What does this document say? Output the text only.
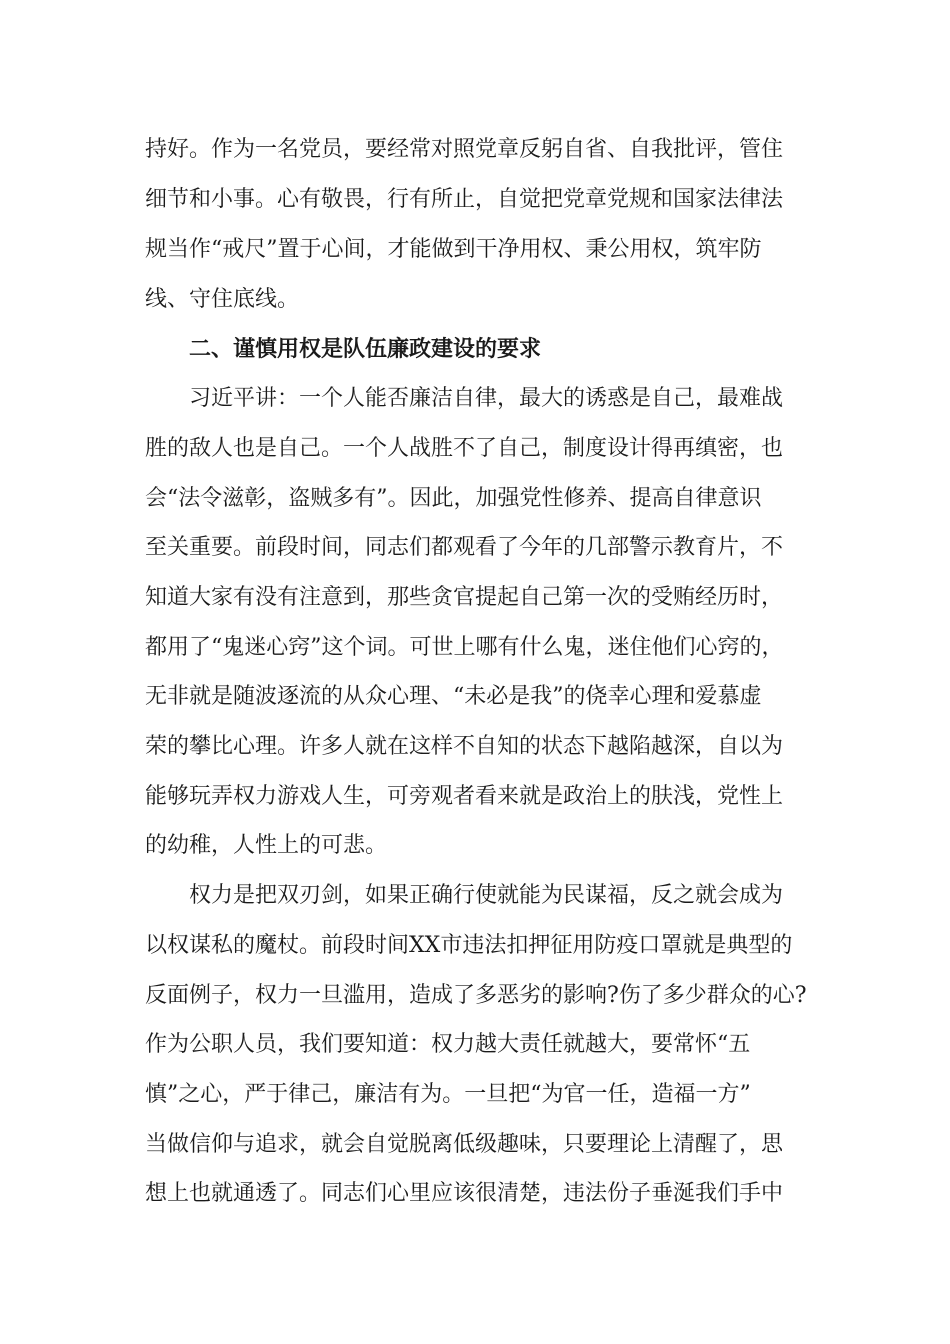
持好。作为一名党员，要经常对照党章反躬自省、自我批评，管住
细节和小事。心有敬畏，行有所止，自觉把党章党规和国家法律法
规当作“戒尺”置于心间，才能做到干净用权、秉公用权，筑牢防
线、守住底线。
二、谨慎用权是队伍廉政建设的要求
习近平讲：一个人能否廉洁自律，最大的诱惑是自己，最难战
胜的敌人也是自己。一个人战胜不了自己，制度设计得再缜密，也
会“法令滋彰，盗贼多有”。因此，加强党性修养、提高自律意识
至关重要。前段时间，同志们都观看了今年的几部警示教育片，不
知道大家有没有注意到，那些贪官提起自己第一次的受贿经历时，
都用了“鬼迷心窍”这个词。可世上哪有什么鬼，迷住他们心窍的，
无非就是随波逐流的从众心理、“未必是我”的侥幸心理和爱慕虚
荣的攀比心理。许多人就在这样不自知的状态下越陷越深，自以为
能够玩弄权力游戏人生，可旁观者看来就是政治上的肤浅，党性上
的幼稚，人性上的可悲。
权力是把双刃剑，如果正确行使就能为民谋福，反之就会成为
以权谋私的魔杖。前段时间XX市违法扣押征用防疫口罩就是典型的
反面例子，权力一旦滥用，造成了多恶劣的影响?伤了多少群众的心?
作为公职人员，我们要知道：权力越大责任就越大，要常怀“五
慎”之心，严于律己，廉洁有为。一旦把“为官一任，造福一方”
当做信仰与追求，就会自觉脱离低级趣味，只要理论上清醒了，思
想上也就通透了。同志们心里应该很清楚，违法份子垂涎我们手中
